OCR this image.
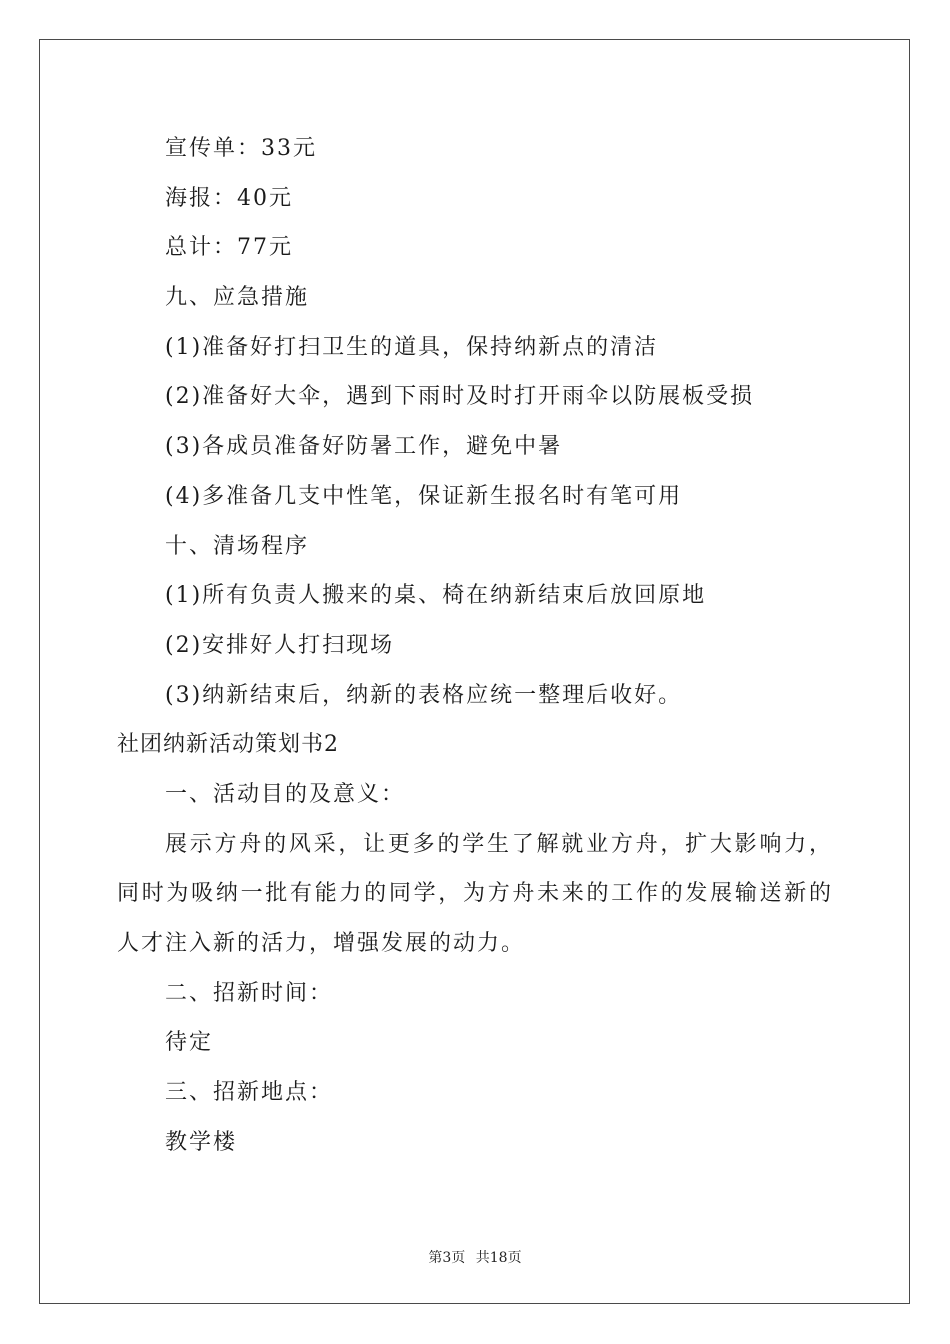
宣传单：33元
海报：40元
总计：77元
九、应急措施
(1)准备好打扫卫生的道具，保持纳新点的清洁
(2)准备好大伞，遇到下雨时及时打开雨伞以防展板受损
(3)各成员准备好防暑工作，避免中暑
(4)多准备几支中性笔，保证新生报名时有笔可用
十、清场程序
(1)所有负责人搬来的桌、椅在纳新结束后放回原地
(2)安排好人打扫现场
(3)纳新结束后，纳新的表格应统一整理后收好。
社团纳新活动策划书2
一、活动目的及意义：
展示方舟的风采，让更多的学生了解就业方舟，扩大影响力，同时为吸纳一批有能力的同学，为方舟未来的工作的发展输送新的人才注入新的活力，增强发展的动力。
二、招新时间：
待定
三、招新地点：
教学楼
第3页 共18页
